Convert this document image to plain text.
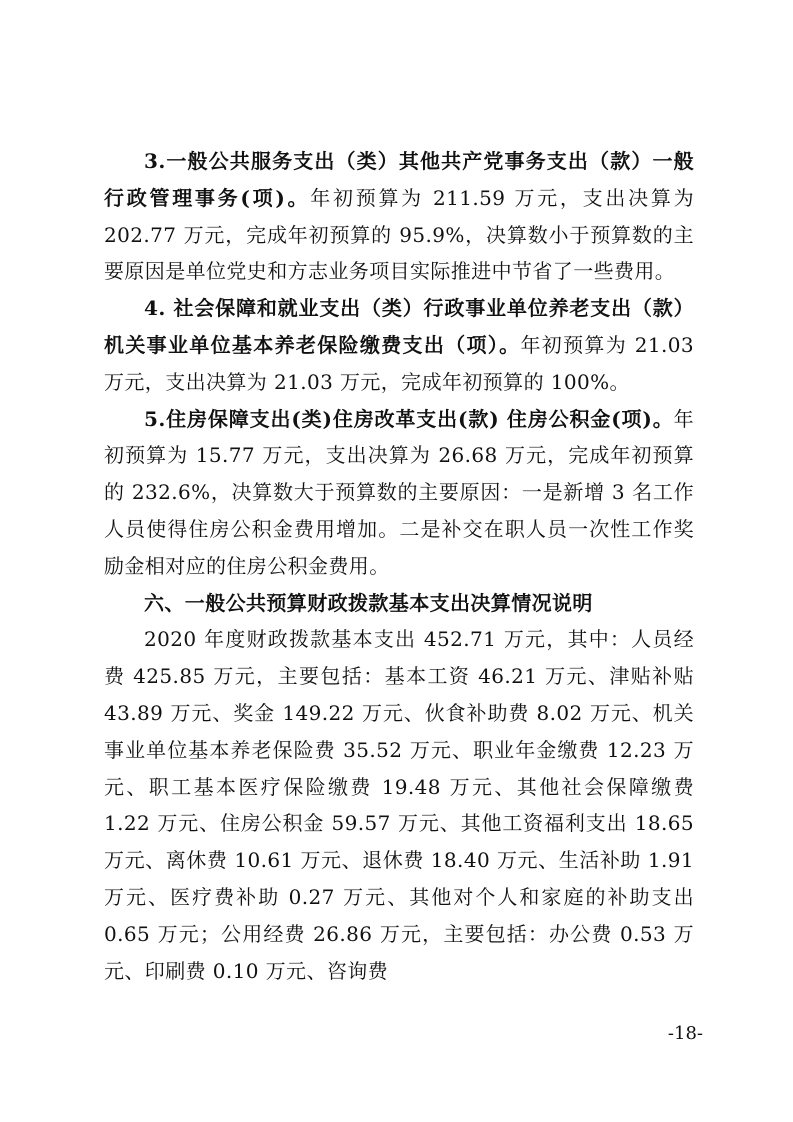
3.一般公共服务支出（类）其他共产党事务支出（款）一般行政管理事务(项)。年初预算为 211.59 万元，支出决算为 202.77 万元，完成年初预算的 95.9%，决算数小于预算数的主要原因是单位党史和方志业务项目实际推进中节省了一些费用。

4. 社会保障和就业支出（类）行政事业单位养老支出（款）机关事业单位基本养老保险缴费支出（项）。年初预算为 21.03 万元，支出决算为 21.03 万元，完成年初预算的 100%。

5.住房保障支出(类)住房改革支出(款) 住房公积金(项)。年初预算为 15.77 万元，支出决算为 26.68 万元，完成年初预算的 232.6%，决算数大于预算数的主要原因：一是新增 3 名工作人员使得住房公积金费用增加。二是补交在职人员一次性工作奖励金相对应的住房公积金费用。

六、一般公共预算财政拨款基本支出决算情况说明

2020 年度财政拨款基本支出 452.71 万元，其中：人员经费 425.85 万元，主要包括：基本工资 46.21 万元、津贴补贴 43.89 万元、奖金 149.22 万元、伙食补助费 8.02 万元、机关事业单位基本养老保险费 35.52 万元、职业年金缴费 12.23 万元、职工基本医疗保险缴费 19.48 万元、其他社会保障缴费 1.22 万元、住房公积金 59.57 万元、其他工资福利支出 18.65 万元、离休费 10.61 万元、退休费 18.40 万元、生活补助 1.91 万元、医疗费补助 0.27 万元、其他对个人和家庭的补助支出 0.65 万元；公用经费 26.86 万元，主要包括：办公费 0.53 万元、印刷费 0.10 万元、咨询费

-18-
